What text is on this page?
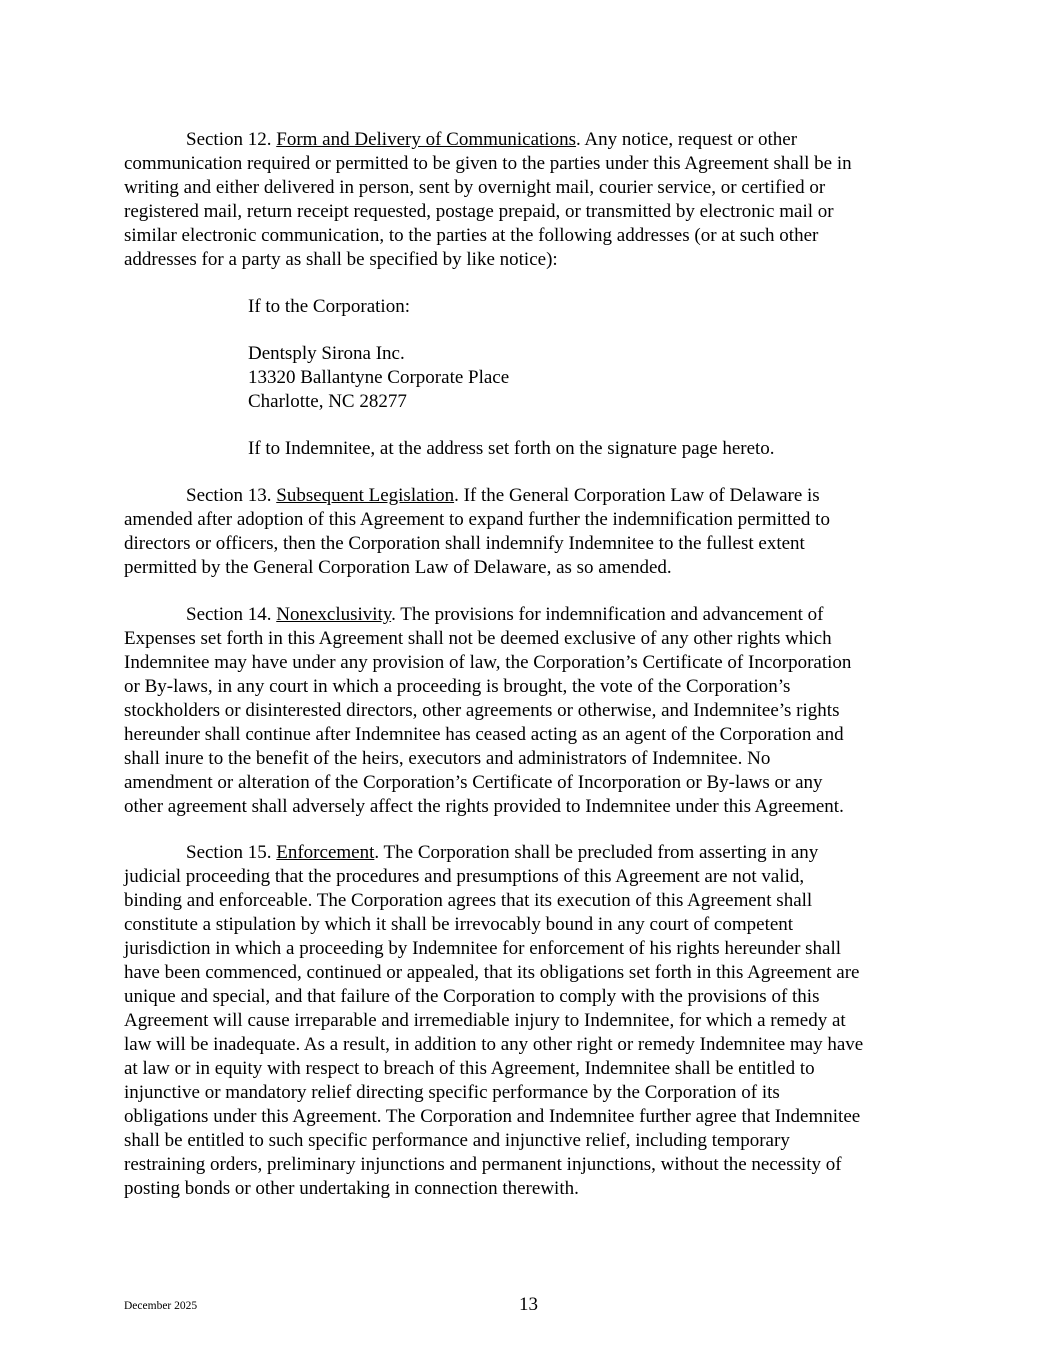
Section 12. Form and Delivery of Communications. Any notice, request or other
communication required or permitted to be given to the parties under this Agreement shall be in
writing and either delivered in person, sent by overnight mail, courier service, or certified or
registered mail, return receipt requested, postage prepaid, or transmitted by electronic mail or
similar electronic communication, to the parties at the following addresses (or at such other
addresses for a party as shall be specified by like notice):
If to the Corporation:
Dentsply Sirona Inc.
13320 Ballantyne Corporate Place
Charlotte, NC 28277
If to Indemnitee, at the address set forth on the signature page hereto.
Section 13. Subsequent Legislation. If the General Corporation Law of Delaware is
amended after adoption of this Agreement to expand further the indemnification permitted to
directors or officers, then the Corporation shall indemnify Indemnitee to the fullest extent
permitted by the General Corporation Law of Delaware, as so amended.
Section 14. Nonexclusivity. The provisions for indemnification and advancement of
Expenses set forth in this Agreement shall not be deemed exclusive of any other rights which
Indemnitee may have under any provision of law, the Corporation’s Certificate of Incorporation
or By-laws, in any court in which a proceeding is brought, the vote of the Corporation’s
stockholders or disinterested directors, other agreements or otherwise, and Indemnitee’s rights
hereunder shall continue after Indemnitee has ceased acting as an agent of the Corporation and
shall inure to the benefit of the heirs, executors and administrators of Indemnitee. No
amendment or alteration of the Corporation’s Certificate of Incorporation or By-laws or any
other agreement shall adversely affect the rights provided to Indemnitee under this Agreement.
Section 15. Enforcement. The Corporation shall be precluded from asserting in any
judicial proceeding that the procedures and presumptions of this Agreement are not valid,
binding and enforceable. The Corporation agrees that its execution of this Agreement shall
constitute a stipulation by which it shall be irrevocably bound in any court of competent
jurisdiction in which a proceeding by Indemnitee for enforcement of his rights hereunder shall
have been commenced, continued or appealed, that its obligations set forth in this Agreement are
unique and special, and that failure of the Corporation to comply with the provisions of this
Agreement will cause irreparable and irremediable injury to Indemnitee, for which a remedy at
law will be inadequate. As a result, in addition to any other right or remedy Indemnitee may have
at law or in equity with respect to breach of this Agreement, Indemnitee shall be entitled to
injunctive or mandatory relief directing specific performance by the Corporation of its
obligations under this Agreement. The Corporation and Indemnitee further agree that Indemnitee
shall be entitled to such specific performance and injunctive relief, including temporary
restraining orders, preliminary injunctions and permanent injunctions, without the necessity of
posting bonds or other undertaking in connection therewith.
December 2025	13
